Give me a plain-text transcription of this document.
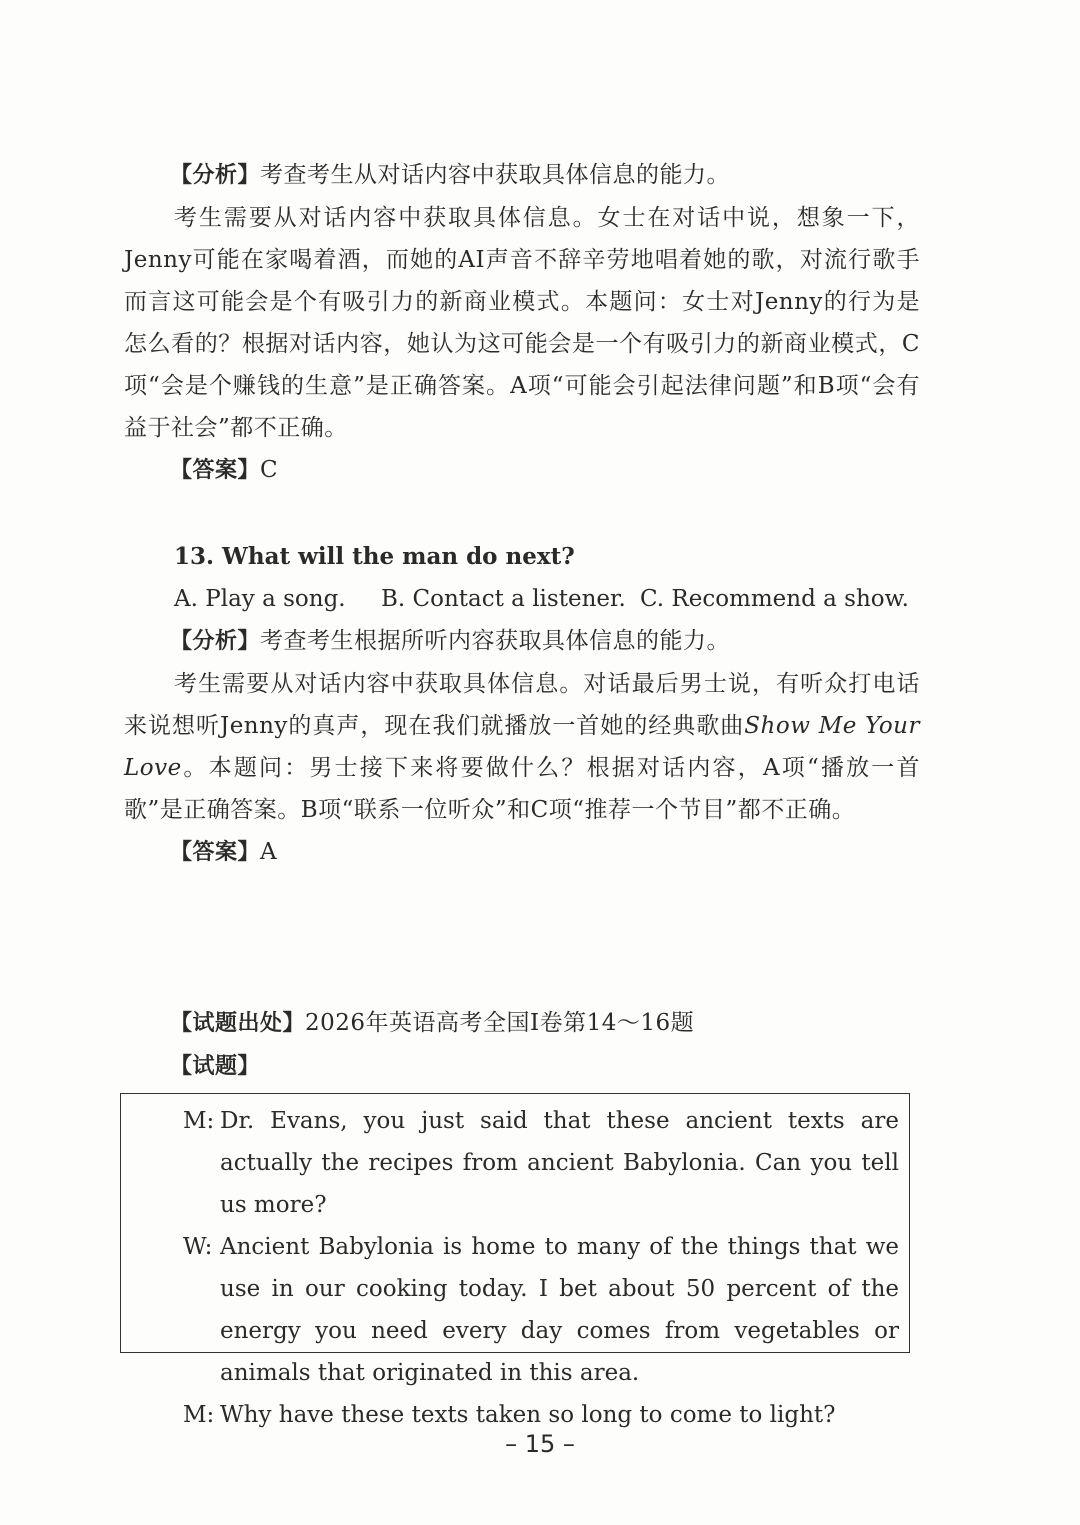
【分析】考查考生从对话内容中获取具体信息的能力。

考生需要从对话内容中获取具体信息。女士在对话中说，想象一下，Jenny可能在家喝着酒，而她的AI声音不辞辛劳地唱着她的歌，对流行歌手而言这可能会是个有吸引力的新商业模式。本题问：女士对Jenny的行为是怎么看的？根据对话内容，她认为这可能会是一个有吸引力的新商业模式，C项“会是个赚钱的生意”是正确答案。A项“可能会引起法律问题”和B项“会有益于社会”都不正确。

【答案】C

13. What will the man do next?

A. Play a song.	B. Contact a listener. C. Recommend a show.

【分析】考查考生根据所听内容获取具体信息的能力。

考生需要从对话内容中获取具体信息。对话最后男士说，有听众打电话来说想听Jenny的真声，现在我们就播放一首她的经典歌曲Show Me Your Love。本题问：男士接下来将要做什么？根据对话内容，A项“播放一首歌”是正确答案。B项“联系一位听众”和C项“推荐一个节目”都不正确。

【答案】A

【试题出处】2026年英语高考全国I卷第14～16题

【试题】

M: Dr. Evans, you just said that these ancient texts are actually the recipes from ancient Babylonia. Can you tell us more?

W: Ancient Babylonia is home to many of the things that we use in our cooking today. I bet about 50 percent of the energy you need every day comes from vegetables or animals that originated in this area.

M: Why have these texts taken so long to come to light?

– 15 –
